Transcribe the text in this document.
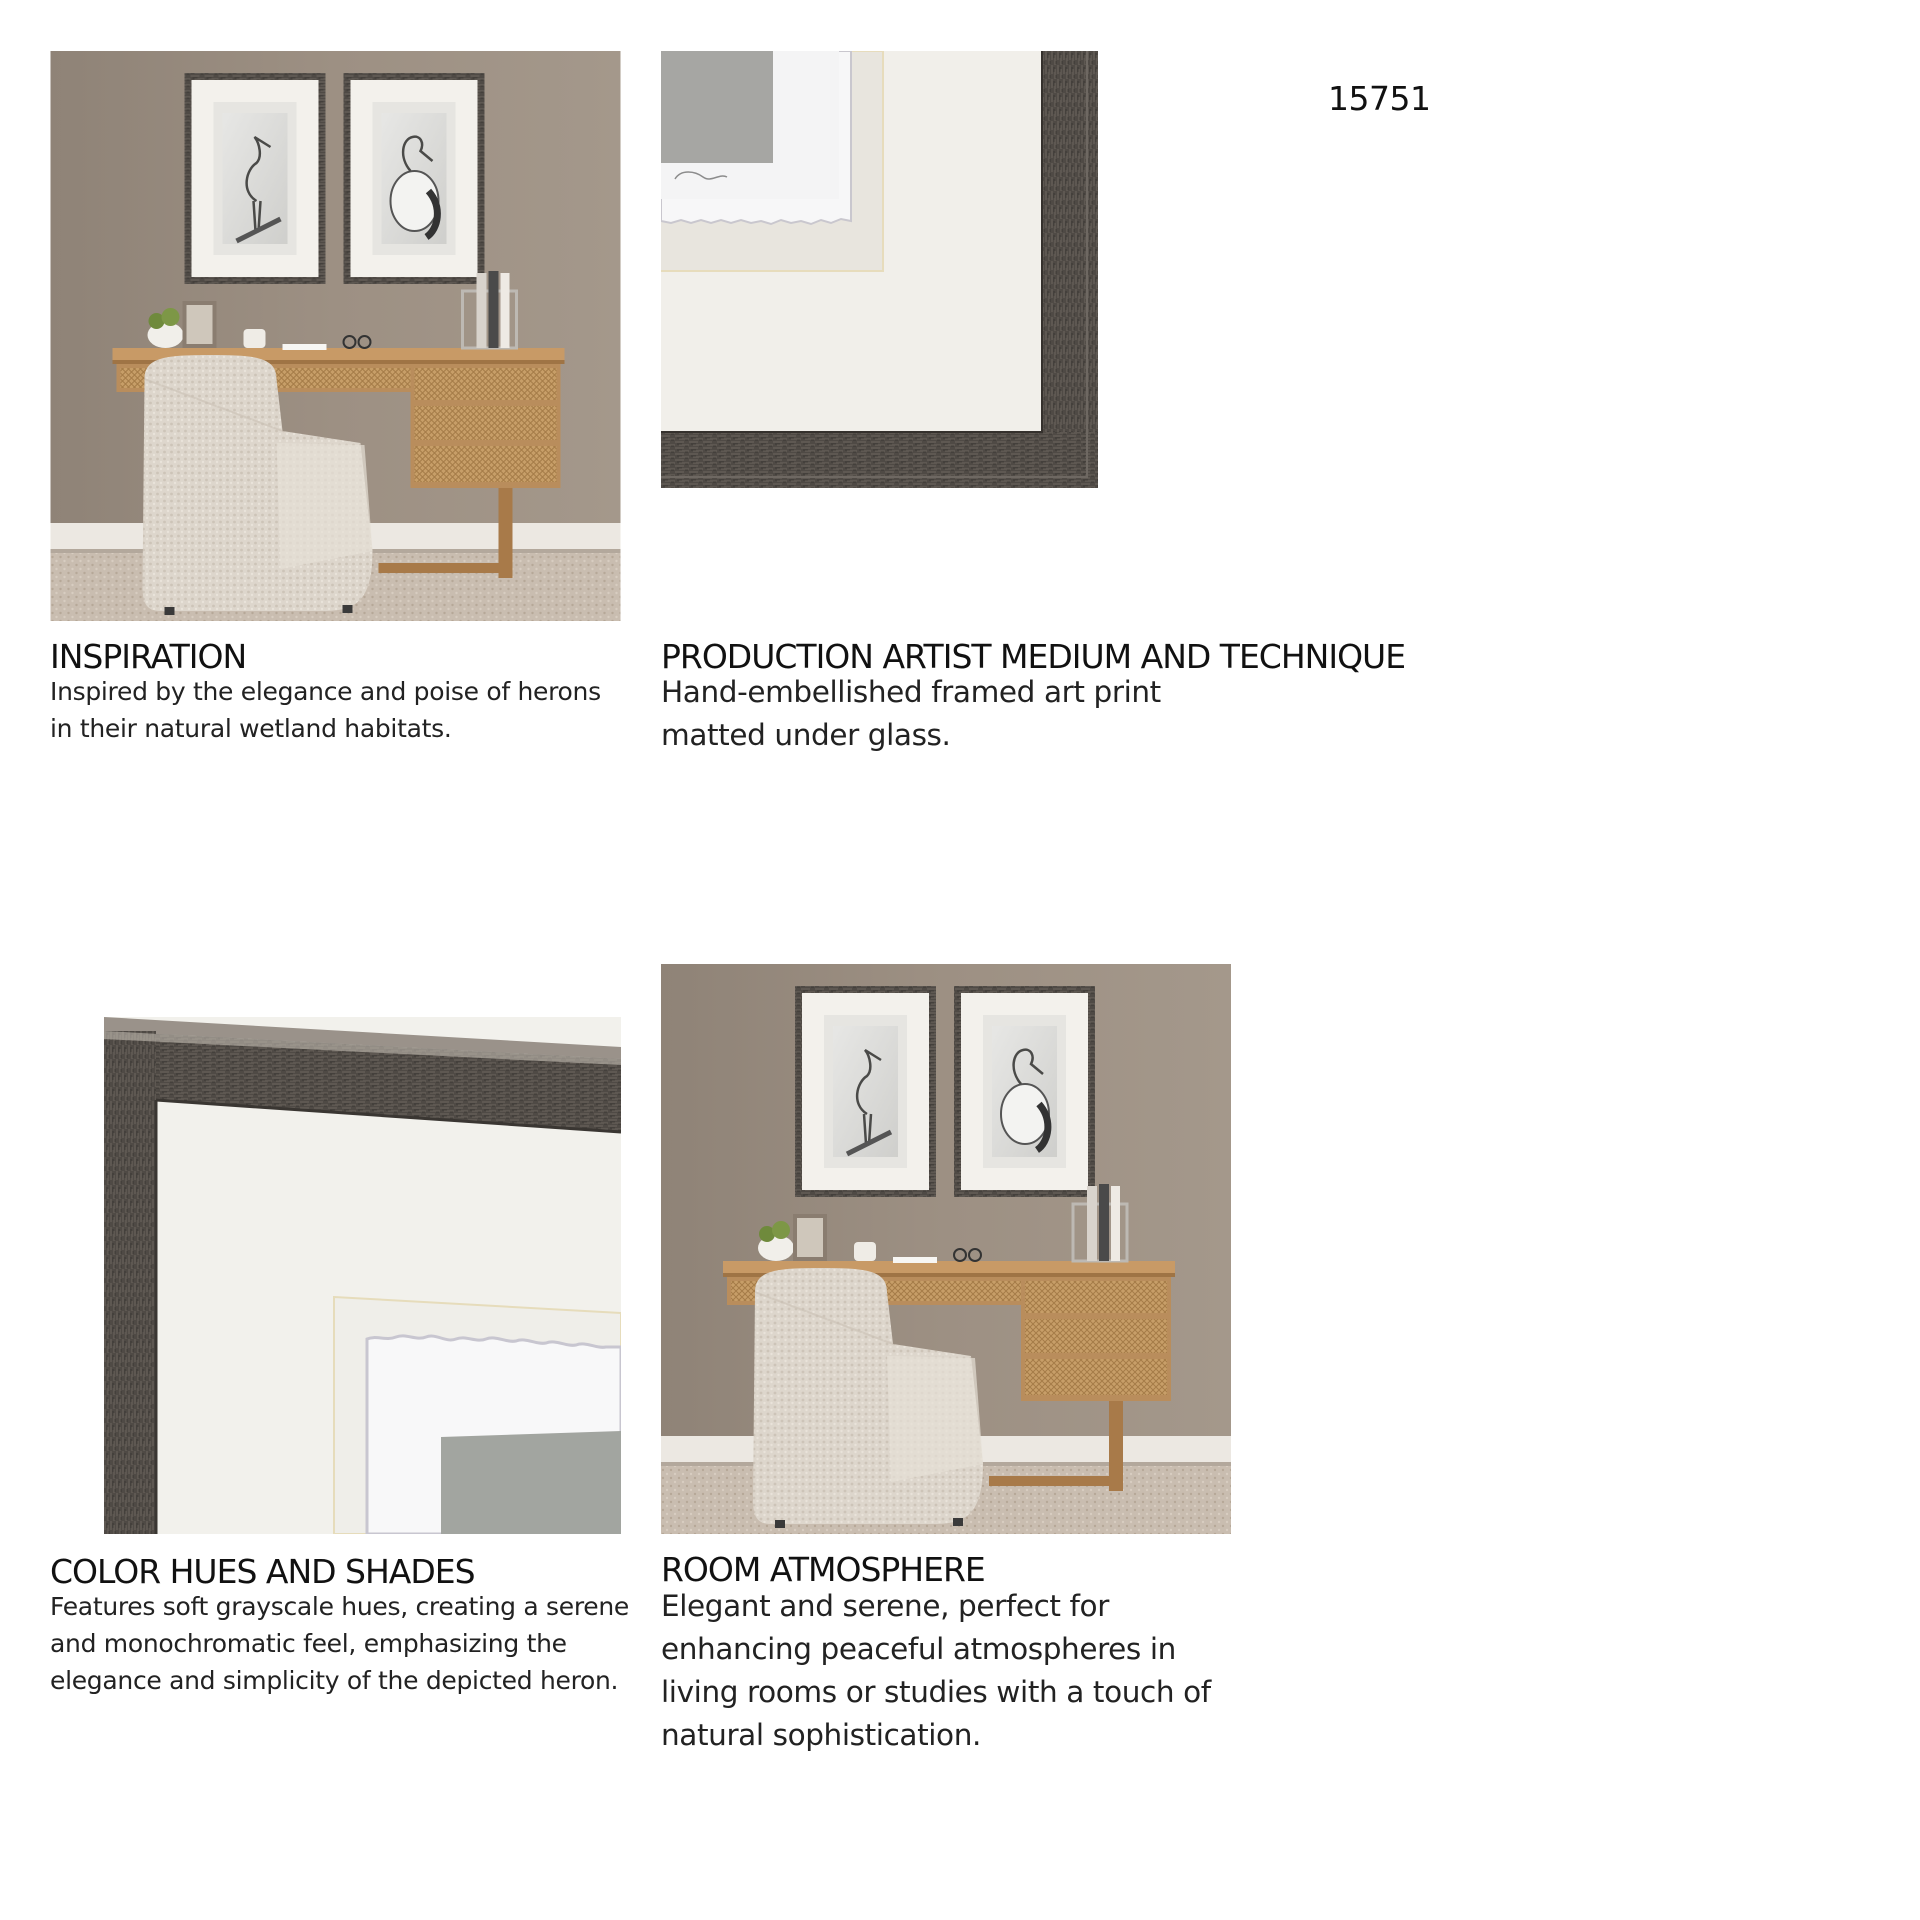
15751
INSPIRATION
Inspired by the elegance and poise of herons
in their natural wetland habitats.
PRODUCTION ARTIST MEDIUM AND TECHNIQUE
Hand-embellished framed art print
matted under glass.
COLOR HUES AND SHADES
Features soft grayscale hues, creating a serene
and monochromatic feel, emphasizing the
elegance and simplicity of the depicted heron.
ROOM ATMOSPHERE
Elegant and serene, perfect for
enhancing peaceful atmospheres in
living rooms or studies with a touch of
natural sophistication.
